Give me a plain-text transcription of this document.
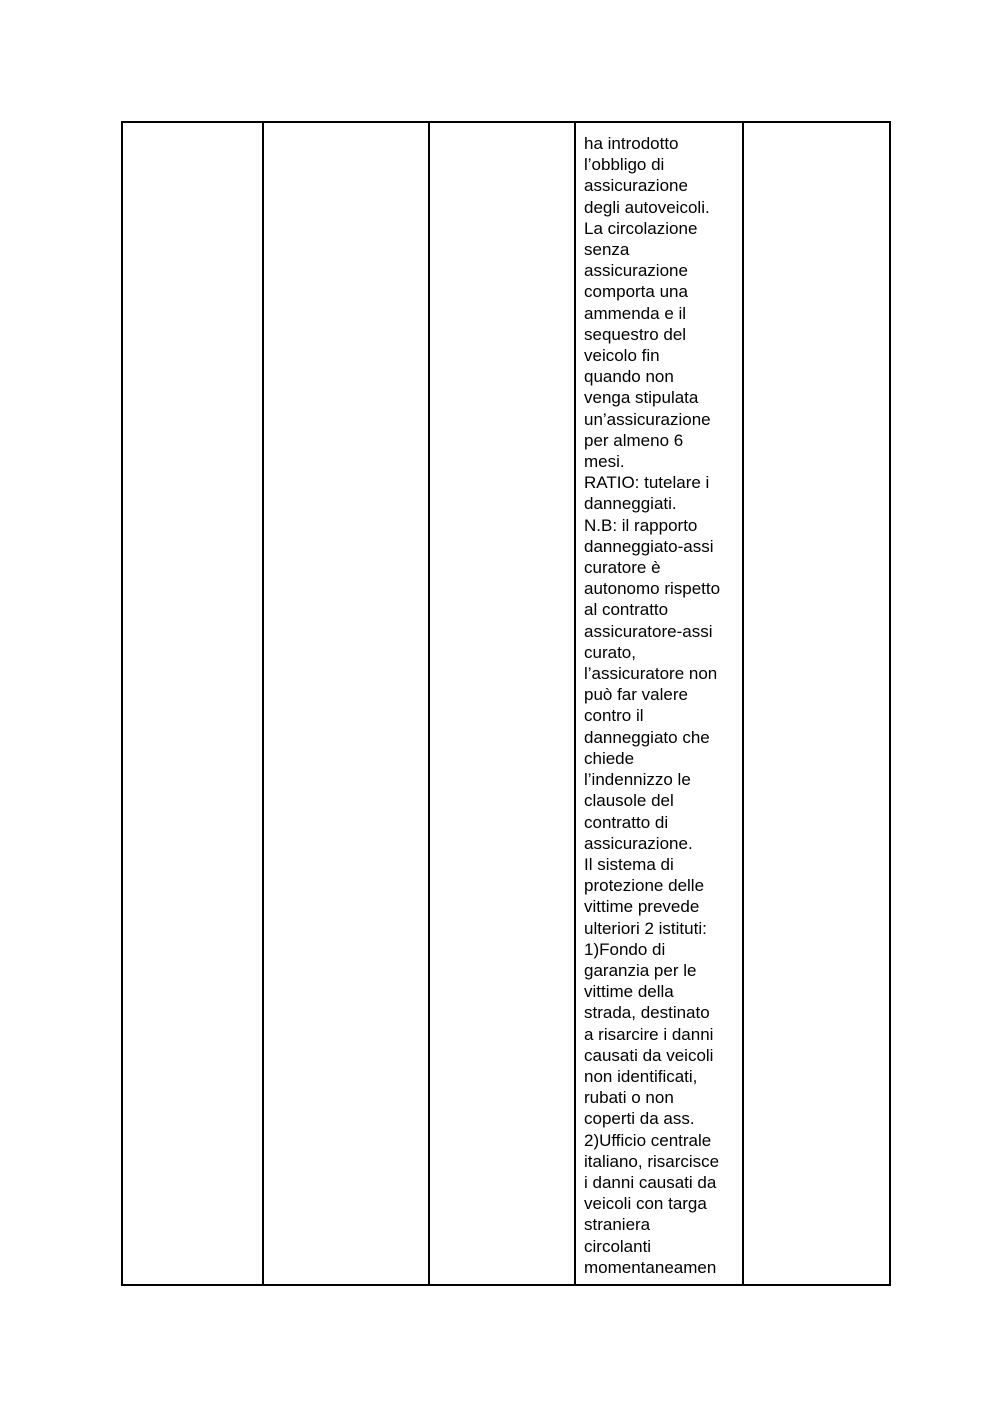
ha introdotto
l’obbligo di
assicurazione
degli autoveicoli.
La circolazione
senza
assicurazione
comporta una
ammenda e il
sequestro del
veicolo fin
quando non
venga stipulata
un’assicurazione
per almeno 6
mesi.
RATIO: tutelare i
danneggiati.
N.B: il rapporto
danneggiato-assi
curatore è
autonomo rispetto
al contratto
assicuratore-assi
curato,
l’assicuratore non
può far valere
contro il
danneggiato che
chiede
l’indennizzo le
clausole del
contratto di
assicurazione.
Il sistema di
protezione delle
vittime prevede
ulteriori 2 istituti:
1)Fondo di
garanzia per le
vittime della
strada, destinato
a risarcire i danni
causati da veicoli
non identificati,
rubati o non
coperti da ass.
2)Ufficio centrale
italiano, risarcisce
i danni causati da
veicoli con targa
straniera
circolanti
momentaneamen
